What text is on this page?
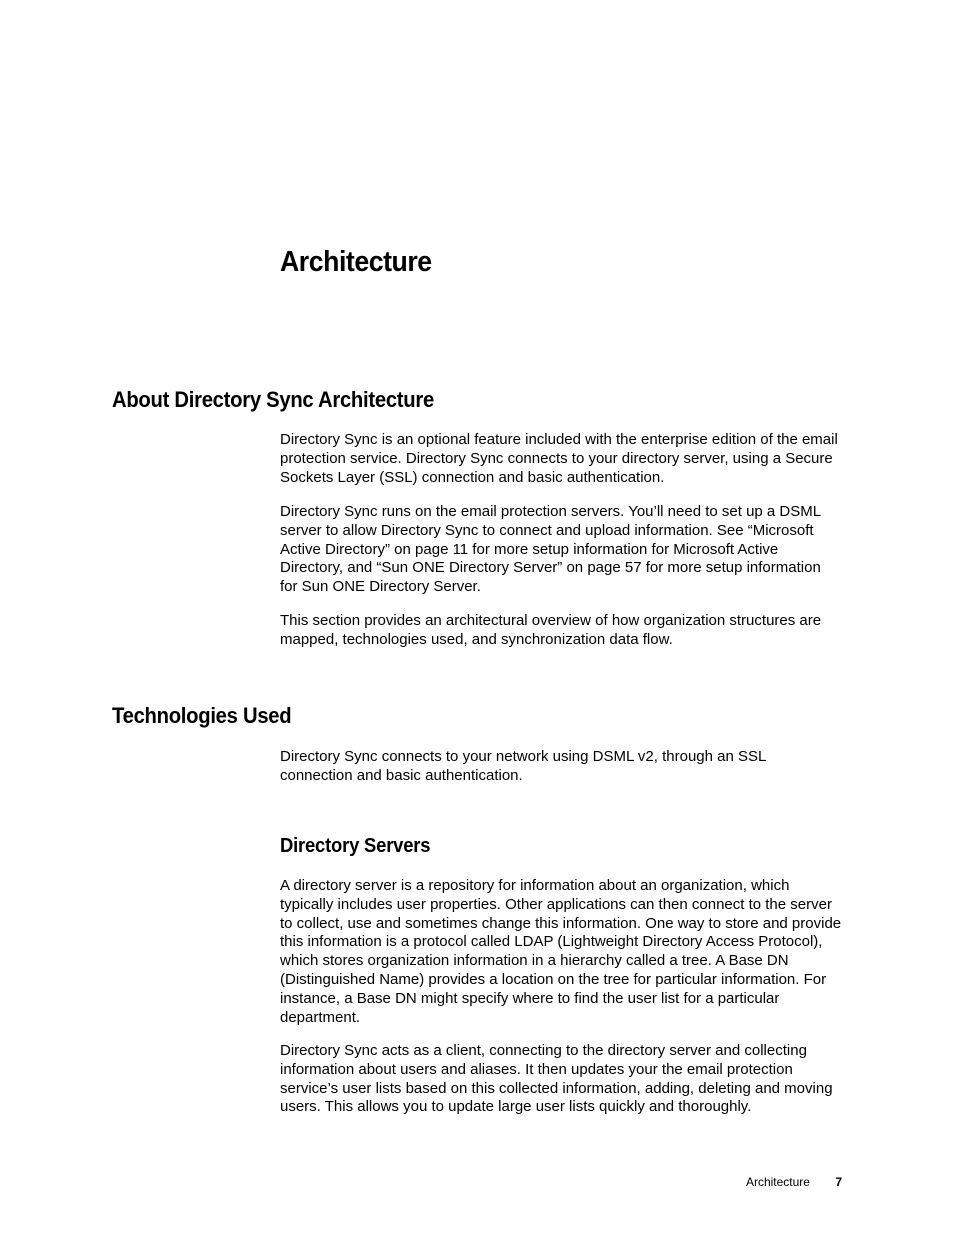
Architecture
About Directory Sync Architecture

Directory Sync is an optional feature included with the enterprise edition of the email protection service. Directory Sync connects to your directory server, using a Secure Sockets Layer (SSL) connection and basic authentication.

Directory Sync runs on the email protection servers. You’ll need to set up a DSML server to allow Directory Sync to connect and upload information. See “Microsoft Active Directory” on page 11 for more setup information for Microsoft Active Directory, and “Sun ONE Directory Server” on page 57 for more setup information for Sun ONE Directory Server.

This section provides an architectural overview of how organization structures are mapped, technologies used, and synchronization data flow.

Technologies Used

Directory Sync connects to your network using DSML v2, through an SSL connection and basic authentication.

Directory Servers

A directory server is a repository for information about an organization, which typically includes user properties. Other applications can then connect to the server to collect, use and sometimes change this information. One way to store and provide this information is a protocol called LDAP (Lightweight Directory Access Protocol), which stores organization information in a hierarchy called a tree. A Base DN (Distinguished Name) provides a location on the tree for particular information. For instance, a Base DN might specify where to find the user list for a particular department.

Directory Sync acts as a client, connecting to the directory server and collecting information about users and aliases. It then updates your the email protection service’s user lists based on this collected information, adding, deleting and moving users. This allows you to update large user lists quickly and thoroughly.

Architecture 7
